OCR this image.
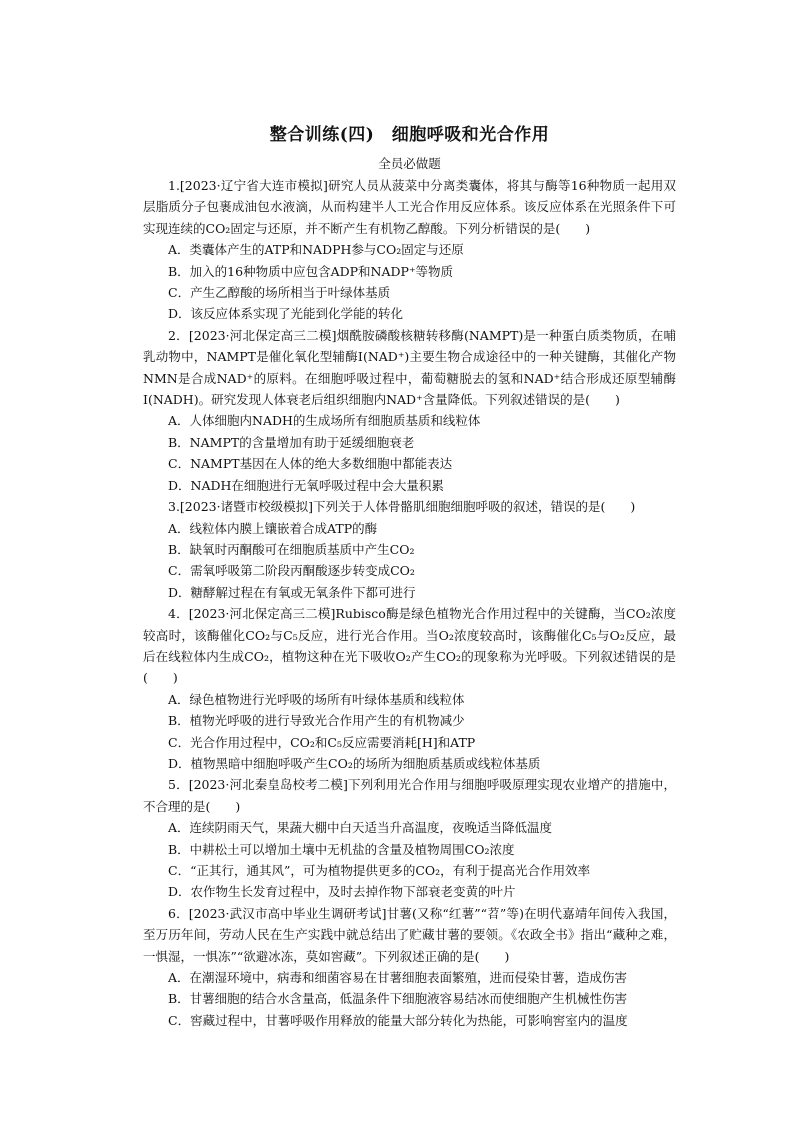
整合训练(四)　细胞呼吸和光合作用
全员必做题

1.[2023·辽宁省大连市模拟]研究人员从菠菜中分离类囊体，将其与酶等16种物质一起用双层脂质分子包裹成油包水液滴，从而构建半人工光合作用反应体系。该反应体系在光照条件下可实现连续的CO₂固定与还原，并不断产生有机物乙醇酸。下列分析错误的是(　　)

A．类囊体产生的ATP和NADPH参与CO₂固定与还原

B．加入的16种物质中应包含ADP和NADP⁺等物质

C．产生乙醇酸的场所相当于叶绿体基质

D．该反应体系实现了光能到化学能的转化

2．[2023·河北保定高三二模]烟酰胺磷酸核糖转移酶(NAMPT)是一种蛋白质类物质，在哺乳动物中，NAMPT是催化氧化型辅酶Ⅰ(NAD⁺)主要生物合成途径中的一种关键酶，其催化产物NMN是合成NAD⁺的原料。在细胞呼吸过程中，葡萄糖脱去的氢和NAD⁺结合形成还原型辅酶Ⅰ(NADH)。研究发现人体衰老后组织细胞内NAD⁺含量降低。下列叙述错误的是(　　)

A．人体细胞内NADH的生成场所有细胞质基质和线粒体

B．NAMPT的含量增加有助于延缓细胞衰老

C．NAMPT基因在人体的绝大多数细胞中都能表达

D．NADH在细胞进行无氧呼吸过程中会大量积累

3.[2023·诸暨市校级模拟]下列关于人体骨骼肌细胞细胞呼吸的叙述，错误的是(　　)

A．线粒体内膜上镶嵌着合成ATP的酶

B．缺氧时丙酮酸可在细胞质基质中产生CO₂

C．需氧呼吸第二阶段丙酮酸逐步转变成CO₂

D．糖酵解过程在有氧或无氧条件下都可进行

4．[2023·河北保定高三二模]Rubisco酶是绿色植物光合作用过程中的关键酶，当CO₂浓度较高时，该酶催化CO₂与C₅反应，进行光合作用。当O₂浓度较高时，该酶催化C₅与O₂反应，最后在线粒体内生成CO₂，植物这种在光下吸收O₂产生CO₂的现象称为光呼吸。下列叙述错误的是(　　)

A．绿色植物进行光呼吸的场所有叶绿体基质和线粒体

B．植物光呼吸的进行导致光合作用产生的有机物减少

C．光合作用过程中，CO₂和C₅反应需要消耗[H]和ATP

D．植物黑暗中细胞呼吸产生CO₂的场所为细胞质基质或线粒体基质

5．[2023·河北秦皇岛校考二模]下列利用光合作用与细胞呼吸原理实现农业增产的措施中，不合理的是(　　)

A．连续阴雨天气，果蔬大棚中白天适当升高温度，夜晚适当降低温度

B．中耕松土可以增加土壤中无机盐的含量及植物周围CO₂浓度

C．“正其行，通其风”，可为植物提供更多的CO₂，有利于提高光合作用效率

D．农作物生长发育过程中，及时去掉作物下部衰老变黄的叶片

6．[2023·武汉市高中毕业生调研考试]甘薯(又称“红薯”“苕”等)在明代嘉靖年间传入我国，至万历年间，劳动人民在生产实践中就总结出了贮藏甘薯的要领。《农政全书》指出“藏种之难，一惧湿，一惧冻”“欲避冰冻，莫如窖藏”。下列叙述正确的是(　　)

A．在潮湿环境中，病毒和细菌容易在甘薯细胞表面繁殖，进而侵染甘薯，造成伤害

B．甘薯细胞的结合水含量高，低温条件下细胞液容易结冰而使细胞产生机械性伤害

C．窖藏过程中，甘薯呼吸作用释放的能量大部分转化为热能，可影响窖室内的温度
